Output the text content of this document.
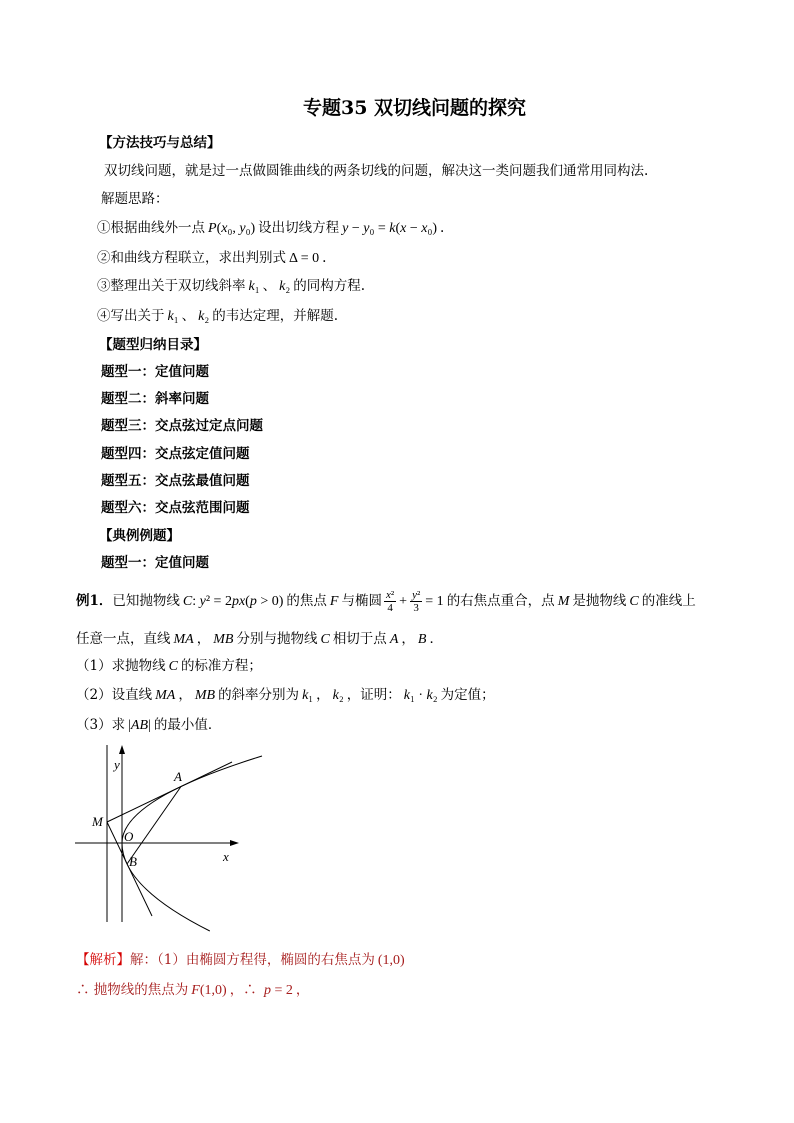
专题35 双切线问题的探究
【方法技巧与总结】
双切线问题，就是过一点做圆锥曲线的两条切线的问题，解决这一类问题我们通常用同构法.
解题思路：
①根据曲线外一点 P(x₀, y₀) 设出切线方程 y − y₀ = k(x − x₀) .
②和曲线方程联立，求出判别式 Δ = 0 .
③整理出关于双切线斜率 k₁ 、 k₂ 的同构方程.
④写出关于 k₁ 、 k₂ 的韦达定理，并解题.
【题型归纳目录】
题型一：定值问题
题型二：斜率问题
题型三：交点弦过定点问题
题型四：交点弦定值问题
题型五：交点弦最值问题
题型六：交点弦范围问题
【典例例题】
题型一：定值问题
例1．已知抛物线 C: y² = 2px(p > 0) 的焦点 F 与椭圆 $\frac{\text{x²}}{4} + \frac{\text{y²}}{3} = 1$ 的右焦点重合，点 M 是抛物线 C 的准线上
任意一点，直线 MA ， MB 分别与抛物线 C 相切于点 A ， B ．
（1）求抛物线 C 的标准方程；
（2）设直线 MA ， MB 的斜率分别为 k₁ ， k₂ ，证明： k₁ · k₂ 为定值；
（3）求 |AB| 的最小值．
y
x
A
B
M
O
【解析】解：（1）由椭圆方程得，椭圆的右焦点为 (1,0)
∴ 抛物线的焦点为 F(1,0) ，∴ p = 2 ，
